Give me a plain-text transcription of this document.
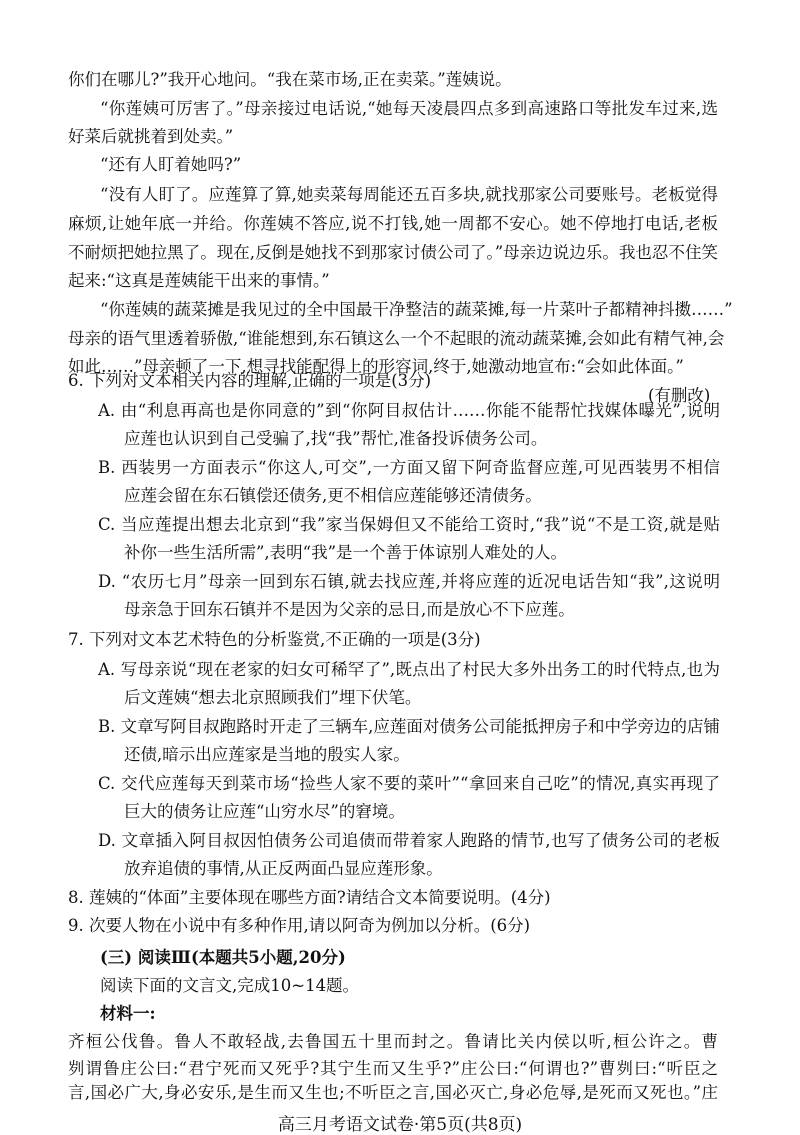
你们在哪儿?”我开心地问。“我在菜市场,正在卖菜。”莲姨说。
“你莲姨可厉害了。”母亲接过电话说,“她每天凌晨四点多到高速路口等批发车过来,选
好菜后就挑着到处卖。”
“还有人盯着她吗?”
“没有人盯了。应莲算了算,她卖菜每周能还五百多块,就找那家公司要账号。老板觉得
麻烦,让她年底一并给。你莲姨不答应,说不打钱,她一周都不安心。她不停地打电话,老板
不耐烦把她拉黑了。现在,反倒是她找不到那家讨债公司了。”母亲边说边乐。我也忍不住笑
起来:“这真是莲姨能干出来的事情。”
“你莲姨的蔬菜摊是我见过的全中国最干净整洁的蔬菜摊,每一片菜叶子都精神抖擞……”
母亲的语气里透着骄傲,“谁能想到,东石镇这么一个不起眼的流动蔬菜摊,会如此有精气神,会
如此……”母亲顿了一下,想寻找能配得上的形容词,终于,她激动地宣布:“会如此体面。”
(有删改)
6. 下列对文本相关内容的理解,正确的一项是(3分)
A. 由“利息再高也是你同意的”到“你阿目叔估计……你能不能帮忙找媒体曝光”,说明
应莲也认识到自己受骗了,找“我”帮忙,准备投诉债务公司。
B. 西装男一方面表示“你这人,可交”,一方面又留下阿奇监督应莲,可见西装男不相信
应莲会留在东石镇偿还债务,更不相信应莲能够还清债务。
C. 当应莲提出想去北京到“我”家当保姆但又不能给工资时,“我”说“不是工资,就是贴
补你一些生活所需”,表明“我”是一个善于体谅别人难处的人。
D. “农历七月”母亲一回到东石镇,就去找应莲,并将应莲的近况电话告知“我”,这说明
母亲急于回东石镇并不是因为父亲的忌日,而是放心不下应莲。
7. 下列对文本艺术特色的分析鉴赏,不正确的一项是(3分)
A. 写母亲说“现在老家的妇女可稀罕了”,既点出了村民大多外出务工的时代特点,也为
后文莲姨“想去北京照顾我们”埋下伏笔。
B. 文章写阿目叔跑路时开走了三辆车,应莲面对债务公司能抵押房子和中学旁边的店铺
还债,暗示出应莲家是当地的殷实人家。
C. 交代应莲每天到菜市场“捡些人家不要的菜叶”“拿回来自己吃”的情况,真实再现了
巨大的债务让应莲“山穷水尽”的窘境。
D. 文章插入阿目叔因怕债务公司追债而带着家人跑路的情节,也写了债务公司的老板
放弃追债的事情,从正反两面凸显应莲形象。
8. 莲姨的“体面”主要体现在哪些方面?请结合文本简要说明。(4分)
9. 次要人物在小说中有多种作用,请以阿奇为例加以分析。(6分)
(三) 阅读Ⅲ(本题共5小题,20分)
阅读下面的文言文,完成10~14题。
材料一:
高三月考语文试卷·第5页(共8页)
齐桓公伐鲁。鲁人不敢轻战,去鲁国五十里而封之。鲁请比关内侯以听,桓公许之。曹
刿谓鲁庄公曰:“君宁死而又死乎?其宁生而又生乎?”庄公曰:“何谓也?”曹刿曰:“听臣之
言,国必广大,身必安乐,是生而又生也;不听臣之言,国必灭亡,身必危辱,是死而又死也。”庄
